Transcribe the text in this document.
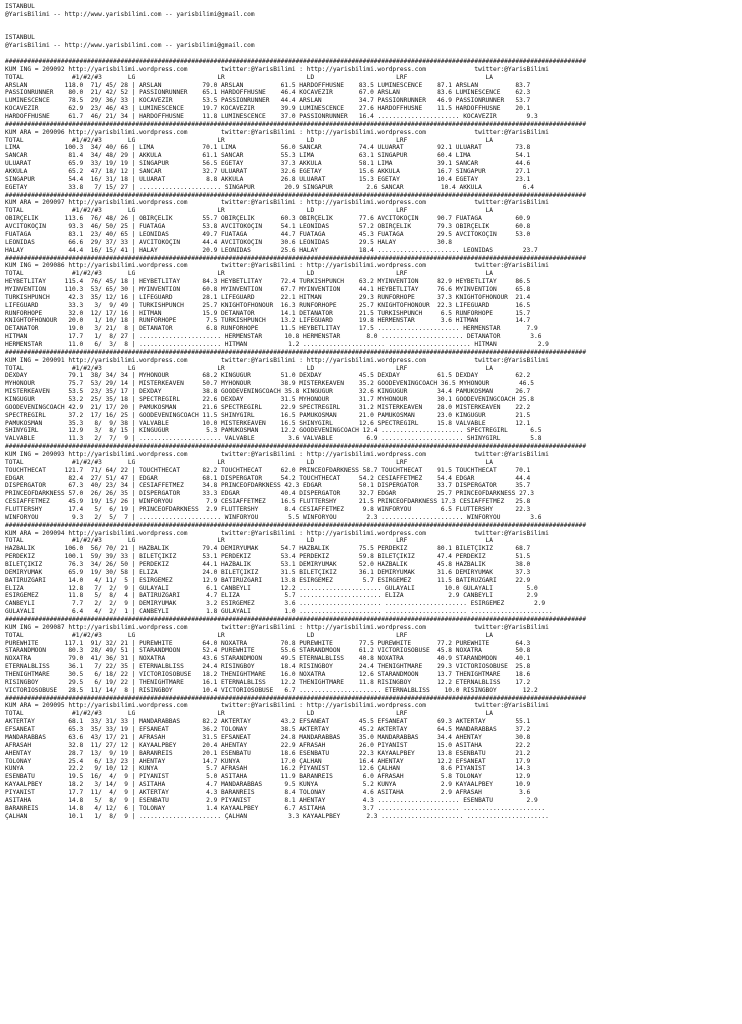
ISTANBUL
@YarisBilimi -- http://www.yarisbilimi.com -- yarisbilimi@gmail.com

ISTANBUL
@YarisBilimi -- http://www.yarisbilimi.com -- yarisbilimi@gmail.com

############################################################################################################################################################
KUM ING = 209092 http://yarisbilimi.wordpress.com         twitter:@YarisBilimi : http://yarisbilimi.wordpress.com             twitter:@YarisBilimi
TOTAL             #1/#2/#3       LG                      LR                      LD                      LRF                     LA
ARSLAN          118.0  71/ 45/ 28 | ARSLAN           79.0 ARSLAN          61.5 HARDOFFHÜSNE    83.5 LUMINESCENCE    87.1 ARSLAN          83.7
PASSIONRUNNER    80.0  21/ 42/ 52 | PASSIONRUNNER    65.1 HARDOFFHÜSNE    46.4 KOCAVEZIR       67.0 ARSLAN          83.6 LUMINESCENCE    62.3
LUMINESCENCE     78.5  29/ 36/ 33 | KOCAVEZIR        53.5 PASSIONRUNNER   44.4 ARSLAN          34.7 PASSIONRUNNER   46.9 PASSIONRUNNER   53.7
KOCAVEZIR        62.9  23/ 46/ 43 | LUMINESCENCE     19.7 KOCAVEZIR       39.9 LUMINESCENCE    27.6 HARDOFFHÜSNE    11.5 HARDOFFHÜSNE    20.1
HARDOFFHÜSNE     61.7  46/ 21/ 34 | HARDOFFHÜSNE     11.8 LUMINESCENCE    37.0 PASSIONRUNNER   16.4 ...................... KOCAVEZIR        9.3
############################################################################################################################################################
KUM ARA = 209096 http://yarisbilimi.wordpress.com         twitter:@YarisBilimi : http://yarisbilimi.wordpress.com             twitter:@YarisBilimi
TOTAL             #1/#2/#3       LG                      LR                      LD                      LRF                     LA
LIMA            100.3  34/ 40/ 66 | LIMA             70.1 LIMA            56.0 SANCAR          74.4 ULUARAT         92.1 ULUARAT         73.8
SANCAR           81.4  34/ 48/ 29 | AKKULA           61.1 SANCAR          55.3 LIMA            63.1 SINGAPUR        60.4 LIMA            54.1
ULUARAT          65.9  33/ 19/ 19 | SINGAPUR         56.5 EGETAY          37.3 AKKULA          58.1 LIMA            39.1 SANCAR          44.6
AKKULA           65.2  47/ 18/ 12 | SANCAR           32.7 ULUARAT         32.6 EGETAY          15.6 AKKULA          16.7 SINGAPUR        27.1
SINGAPUR         54.4  16/ 31/ 18 | ULUARAT           8.8 AKKULA          26.8 ULUARAT         15.3 EGETAY          10.4 EGETAY          23.1
EGETAY           33.8   7/ 15/ 27 | ...................... SINGAPUR        20.9 SINGAPUR         2.6 SANCAR          10.4 AKKULA           6.4
############################################################################################################################################################
KUM ARA = 209097 http://yarisbilimi.wordpress.com         twitter:@YarisBilimi : http://yarisbilimi.wordpress.com             twitter:@YarisBilimi
TOTAL             #1/#2/#3       LG                      LR                      LD                      LRF                     LA
OBIRÇELIK       113.6  76/ 48/ 26 | OBIRÇELIK        55.7 OBIRÇELIK       60.3 OBIRÇELIK       77.6 AVCITOKOÇIN     90.7 FUATAGA         60.9
AVCITOKOÇIN      93.3  46/ 50/ 25 | FUATAGA          53.8 AVCITOKOÇIN     54.1 LEONIDAS        57.2 OBIRÇELIK       79.3 OBIRÇELIK       60.8
FUATAGA          83.1  23/ 40/ 65 | LEONIDAS         49.7 FUATAGA         44.7 FUATAGA         45.3 FUATAGA         29.5 AVCITOKOÇIN     53.0
LEONIDAS         66.6  29/ 37/ 33 | AVCITOKOÇIN      44.4 AVCITOKOÇIN     30.6 LEONIDAS        29.5 HALAY           30.8
HALAY            44.4  16/ 15/ 41 | HALAY            20.9 LEONIDAS        25.6 HALAY           18.4 ...................... LEONIDAS        23.7
############################################################################################################################################################
KUM ING = 209086 http://yarisbilimi.wordpress.com         twitter:@YarisBilimi : http://yarisbilimi.wordpress.com             twitter:@YarisBilimi
TOTAL             #1/#2/#3       LG                      LR                      LD                      LRF                     LA
HEYBETLITAY     115.4  76/ 45/ 18 | HEYBETLITAY      84.3 HEYBETLITAY     72.4 TURKISHPUNCH    63.2 MYINVENTION     82.9 HEYBETLITAY     86.5
MYINVENTION     110.3  53/ 65/ 30 | MYINVENTION      60.8 MYINVENTION     67.7 MYINVENTION     44.1 HEYBETLITAY     76.6 MYINVENTION     65.8
TURKISHPUNCH     42.3  35/ 12/ 16 | LIFEGUARD        28.1 LIFEGUARD       22.1 HITMAN          29.3 RUNFORHOPE      37.3 KNIGHTOFHONOUR  21.4
LIFEGUARD        33.3   3/  9/ 49 | TURKISHPUNCH     25.7 KNIGHTOFHONOUR  16.3 RUNFORHOPE      25.7 KNIGHTOFHONOUR  22.3 LIFEGUARD       16.5
RUNFORHOPE       32.0  12/ 17/ 16 | HITMAN           15.9 DETANATOR       14.1 DETANATOR       21.5 TURKISHPUNCH     6.5 RUNFORHOPE      15.7
KNIGHTOFHONOUR   20.0   1/ 10/ 18 | RUNFORHOPE        7.5 TURKISHPUNCH    13.2 LIFEGUARD       19.8 HERMENSTAR       3.6 HITMAN          14.7
DETANATOR        19.0   3/ 21/  8 | DETANATOR         6.8 RUNFORHOPE      11.5 HEYBETLITAY     17.5 ...................... HERMENSTAR       7.9
HITMAN           17.7   1/  8/ 27 | ...................... HERMENSTAR      10.8 HERMENSTAR       8.0 ...................... DETANATOR        3.6
HERMENSTAR       11.0   6/  3/  8 | ...................... HITMAN           1.2 ...................... ...................... HITMAN           2.9
############################################################################################################################################################
KUM ING = 209091 http://yarisbilimi.wordpress.com         twitter:@YarisBilimi : http://yarisbilimi.wordpress.com             twitter:@YarisBilimi
TOTAL             #1/#2/#3       LG                      LR                      LD                      LRF                     LA
DEXDAY           79.1  38/ 34/ 34 | MYHONOUR         68.2 KINGUGUR        51.0 DEXDAY          45.5 DEXDAY          61.5 DEXDAY          62.2
MYHONOUR         75.7  53/ 29/ 14 | MISTERKEAVEN     50.7 MYHONOUR        38.9 MISTERKEAVEN    35.2 GOODEVENINGCOACH 36.5 MYHONOUR        46.5
MISTERKEAVEN     53.5  23/ 35/ 17 | DEXDAY           38.8 GOODEVENINGCOACH 35.8 KINGUGUR       32.6 KINGUGUR        34.4 PAMUKOSMAN      26.7
KINGUGUR         53.2  25/ 35/ 18 | SPECTREGIRL      22.6 DEXDAY          31.5 MYHONOUR        31.7 MYHONOUR        30.1 GOODEVENINGCOACH 25.8
GOODEVENINGCOACH 42.9  21/ 17/ 20 | PAMUKOSMAN       21.6 SPECTREGIRL     22.9 SPECTREGIRL     31.2 MISTERKEAVEN    28.0 MISTERKEAVEN    22.2
SPECTREGIRL      37.2  17/ 16/ 25 | GOODEVENINGCOACH 11.5 SHINYGIRL       16.5 PAMUKOSMAN      21.0 PAMUKOSMAN      23.0 KINGUGUR        21.5
PAMUKOSMAN       35.3   8/  9/ 38 | VALVABLE         10.0 MISTERKEAVEN    16.5 SHINYGIRL       12.6 SPECTREGIRL     15.8 VALVABLE        12.1
SHINYGIRL        12.9   3/  8/ 15 | KINGUGUR          5.3 PAMUKOSMAN      12.2 GOODEVENINGCOACH 12.4 ...................... SPECTREGIRL      6.5
VALVABLE         11.3   2/  7/  9 | ...................... VALVABLE         3.6 VALVABLE         6.9 ...................... SHINYGIRL        5.8
############################################################################################################################################################
KUM ING = 209093 http://yarisbilimi.wordpress.com         twitter:@YarisBilimi : http://yarisbilimi.wordpress.com             twitter:@YarisBilimi
TOTAL             #1/#2/#3       LG                      LR                      LD                      LRF                     LA
TOUCHTHECAT     121.7  71/ 64/ 22 | TOUCHTHECAT      82.2 TOUCHTHECAT     62.0 PRINCEOFDARKNESS 58.7 TOUCHTHECAT    91.5 TOUCHTHECAT     70.1
EDGAR            82.4  27/ 51/ 47 | EDGAR            68.1 DISPERGATÖR     54.2 TOUCHTHECAT     54.2 CESIAFFETMEZ    54.4 EDGAR           44.4
DISPERGATÖR      67.3  40/ 23/ 34 | CESIAFFETMEZ     34.8 PRINCEOFDARKNESS 42.3 EDGAR          50.1 DISPERGATÖR     33.7 DISPERGATÖR     35.7
PRINCEOFDARKNESS 57.0  26/ 26/ 35 | DISPERGATÖR      33.3 EDGAR           40.4 DISPERGATÖR     32.7 EDGAR           25.7 PRINCEOFDARKNESS 27.3
CESIAFFETMEZ     45.9  19/ 15/ 26 | WINFORYOU         7.9 CESIAFFETMEZ    16.5 FLUTTERSHY      21.5 PRINCEOFDARKNESS 17.3 CESIAFFETMEZ   25.8
FLUTTERSHY       17.4   5/  6/ 19 | PRINCEOFDARKNESS  2.9 FLUTTERSHY       8.4 CESIAFFETMEZ     9.8 WINFORYOU        6.5 FLUTTERSHY      22.3
WINFORYOU         9.3   2/  5/  7 | ...................... WINFORYOU        5.5 WINFORYOU        2.3 ...................... WINFORYOU        3.6
############################################################################################################################################################
KUM ARA = 209094 http://yarisbilimi.wordpress.com         twitter:@YarisBilimi : http://yarisbilimi.wordpress.com             twitter:@YarisBilimi
TOTAL             #1/#2/#3       LG                      LR                      LD                      LRF                     LA
HAZBALIK        106.0  56/ 70/ 21 | HAZBALIK         79.4 DEMIRYUMAK      54.7 HAZBALIK        75.5 PERDEKIZ        80.1 BILETÇIKIZ      68.7
PERDEKIZ        100.1  59/ 39/ 33 | BILETÇIKIZ       53.1 PERDEKIZ        53.4 PERDEKIZ        59.8 BILETÇIKIZ      47.4 PERDEKIZ        51.5
BILETÇIKIZ       76.3  34/ 26/ 50 | PERDEKIZ         44.1 HAZBALIK        53.1 DEMIRYUMAK      52.0 HAZBALIK        45.8 HAZBALIK        38.0
DEMIRYUMAK       65.9  19/ 30/ 58 | ELIZA            24.0 BILETÇIKIZ      31.5 BILETÇIKIZ      36.1 DEMIRYUMAK      31.6 DEMIRYUMAK      37.3
BATIRÜZGARI      14.0   4/ 11/  5 | ESIRGEMEZ        12.9 BATIRÜZGARI     13.8 ESIRGEMEZ        5.7 ESIRGEMEZ       11.5 BATIRÜZGARI     22.9
ELIZA            12.8   7/  2/  9 | GÜLAYALI          6.1 CANBEYLI        12.2 ...................... GÜLAYALI        10.0 GÜLAYALI         5.0
ESIRGEMEZ        11.8   5/  8/  4 | BATIRÜZGARI       4.7 ELIZA            5.7 ...................... ELIZA            2.9 CANBEYLI         2.9
CANBEYLI          7.7   2/  2/  9 | DEMIRYUMAK        3.2 ESIRGEMEZ        3.6 ...................... ...................... ESIRGEMEZ        2.9
GÜLAYALI          6.4   4/  2/  1 | CANBEYLI          1.8 GÜLAYALI         1.0 ...................... ...................... ......................
############################################################################################################################################################
KUM ING = 209087 http://yarisbilimi.wordpress.com         twitter:@YarisBilimi : http://yarisbilimi.wordpress.com             twitter:@YarisBilimi
TOTAL             #1/#2/#3       LG                      LR                      LD                      LRF                     LA
PUREWHITE       117.1  91/ 32/ 21 | PUREWHITE        64.0 NOXATRA         70.8 PUREWHITE       77.5 PUREWHITE       77.2 PUREWHITE       64.3
STARANDMOON      80.3  28/ 49/ 51 | STARANDMOON      52.4 PUREWHITE       55.6 STARANDMOON     61.2 VICTORIOSOBUSE  45.8 NOXATRA         50.8
NOXATRA          79.0  41/ 36/ 31 | NOXATRA          43.6 STARANDMOON     49.5 ETERNALBLISS    40.8 NOXATRA         40.9 STARANDMOON     40.1
ETERNALBLISS     36.1   7/ 22/ 35 | ETERNALBLISS     24.4 RISINGBOY       18.4 RISINGBOY       24.4 THENIGHTMARE    29.3 VICTORIOSOBUSE  25.8
THENIGHTMARE     30.5   6/ 18/ 22 | VICTORIOSOBUSE   18.2 THENIGHTMARE    16.0 NOXATRA         12.6 STARANDMOON     13.7 THENIGHTMARE    18.6
RISINGBOY        29.5   6/ 19/ 22 | THENIGHTMARE     16.1 ETERNALBLISS    12.2 THENIGHTMARE    11.8 RISINGBOY       12.2 ETERNALBLISS    17.2
VICTORIOSOBUSE   28.5  11/ 14/  8 | RISINGBOY        10.4 VICTORIOSOBUSE   6.7 ...................... ETERNALBLISS    10.0 RISINGBOY       12.2
############################################################################################################################################################
KUM ARA = 209095 http://yarisbilimi.wordpress.com         twitter:@YarisBilimi : http://yarisbilimi.wordpress.com             twitter:@YarisBilimi
TOTAL             #1/#2/#3       LG                      LR                      LD                      LRF                     LA
AKTERTAY         68.1  33/ 31/ 33 | MANDARABBAS      82.2 AKTERTAY        43.2 EFSANEAT        45.5 EFSANEAT        69.3 AKTERTAY        55.1
EFSANEAT         65.3  35/ 33/ 19 | EFSANEAT         36.2 TOLONAY         38.5 AKTERTAY        45.2 AKTERTAY        64.5 MANDARABBAS     37.2
MANDARABBAS      63.6  43/ 17/ 21 | AFRASAH          31.5 EFSANEAT        24.8 MANDARABBAS     35.0 MANDARABBAS     34.4 AHENTAY         30.8
AFRASAH          32.8  11/ 27/ 12 | KAYAALPBEY       20.4 AHENTAY         22.9 AFRASAH         26.0 PIYANIST        15.0 ASITAHA         22.2
AHENTAY          28.7  13/  9/ 19 | BARANREIS        20.1 ESENBATU        18.6 ESENBATU        22.3 KAYAALPBEY      13.8 ESENBATU        21.2
TOLONAY          25.4   6/ 13/ 23 | AHENTAY          14.7 KUNYA           17.0 ÇALHAN          16.4 AHENTAY         12.2 EFSANEAT        17.9
KUNYA            22.2   9/ 10/ 12 | KUNYA             5.7 AFRASAH         16.2 PIYANIST        12.6 ÇALHAN           8.6 PIYANIST        14.3
ESENBATU         19.5  16/  4/  9 | PIYANIST          5.0 ASITAHA         11.9 BARANREIS        6.0 AFRASAH          5.8 TOLONAY         12.9
KAYAALPBEY       18.2   3/ 14/  9 | ASITAHA           4.7 MANDARABBAS      9.5 KUNYA            5.2 KUNYA            2.9 KAYAALPBEY      10.9
PIYANIST         17.7  11/  4/  9 | AKTERTAY          4.3 BARANREIS        8.4 TOLONAY          4.6 ASITAHA          2.9 AFRASAH          3.6
ASITAHA          14.8   5/  8/  9 | ESENBATU          2.9 PIYANIST         8.1 AHENTAY          4.3 ...................... ESENBATU         2.9
BARANREIS        14.8   4/ 12/  6 | TOLONAY           1.4 KAYAALPBEY       6.7 ASITAHA          3.7 ...................... ......................
ÇALHAN           10.1   1/  8/  9 | ...................... ÇALHAN           3.3 KAYAALPBEY       2.3 ...................... ......................
